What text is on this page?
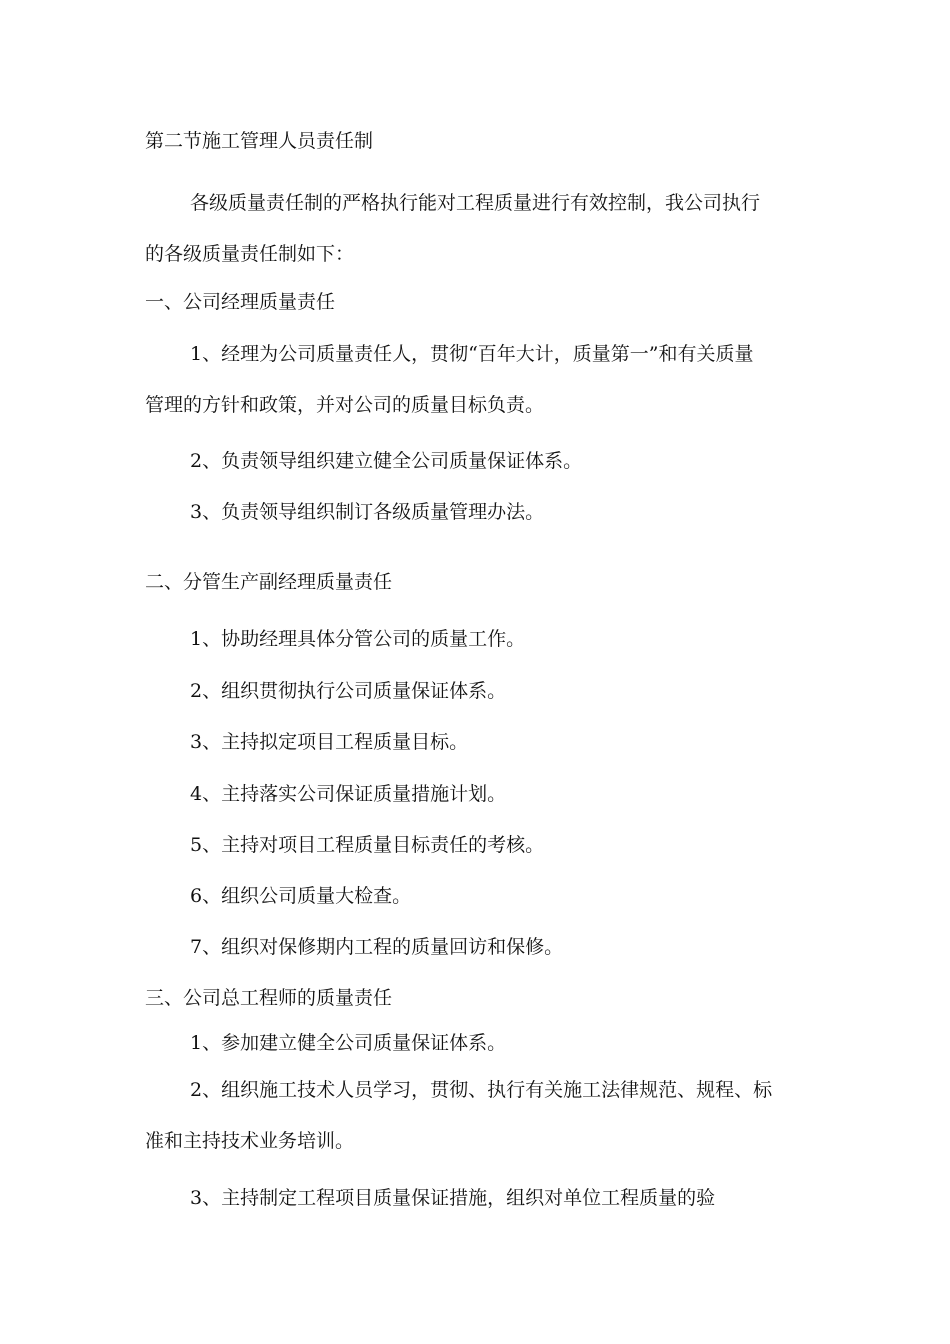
第二节施工管理人员责任制

各级质量责任制的严格执行能对工程质量进行有效控制，我公司执行

的各级质量责任制如下：

一、公司经理质量责任

1、经理为公司质量责任人，贯彻“百年大计，质量第一”和有关质量

管理的方针和政策，并对公司的质量目标负责。

2、负责领导组织建立健全公司质量保证体系。

3、负责领导组织制订各级质量管理办法。

二、分管生产副经理质量责任

1、协助经理具体分管公司的质量工作。

2、组织贯彻执行公司质量保证体系。

3、主持拟定项目工程质量目标。

4、主持落实公司保证质量措施计划。

5、主持对项目工程质量目标责任的考核。

6、组织公司质量大检查。

7、组织对保修期内工程的质量回访和保修。

三、公司总工程师的质量责任

1、参加建立健全公司质量保证体系。

2、组织施工技术人员学习，贯彻、执行有关施工法律规范、规程、标

准和主持技术业务培训。

3、主持制定工程项目质量保证措施，组织对单位工程质量的验
